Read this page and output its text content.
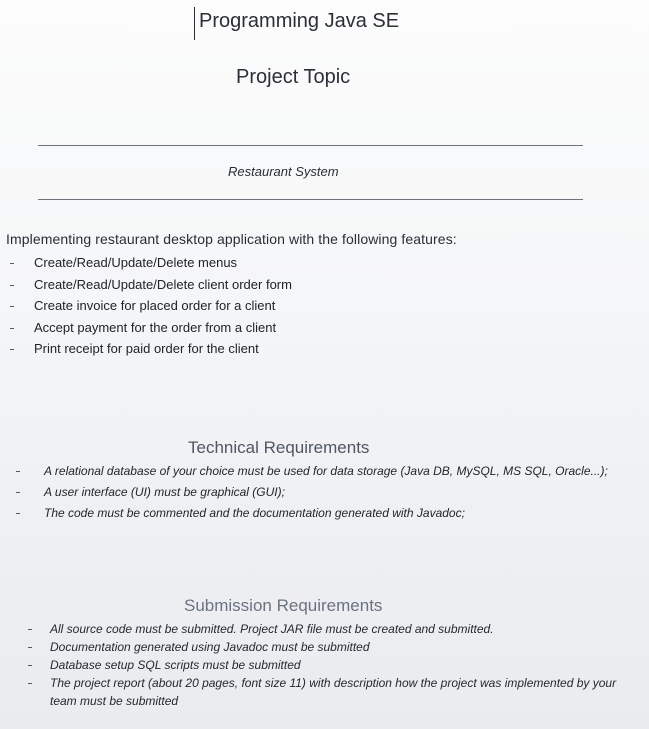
Programming Java SE
Project Topic
Restaurant System
Implementing restaurant desktop application with the following features:
Create/Read/Update/Delete menus
Create/Read/Update/Delete client order form
Create invoice for placed order for a client
Accept payment for the order from a client
Print receipt for paid order for the client
Technical Requirements
A relational database of your choice must be used for data storage (Java DB, MySQL, MS SQL, Oracle...);
A user interface (UI) must be graphical (GUI);
The code must be commented and the documentation generated with Javadoc;
Submission Requirements
All source code must be submitted. Project JAR file must be created and submitted.
Documentation generated using Javadoc must be submitted
Database setup SQL scripts must be submitted
The project report (about 20 pages, font size 11) with description how the project was implemented by your team must be submitted
